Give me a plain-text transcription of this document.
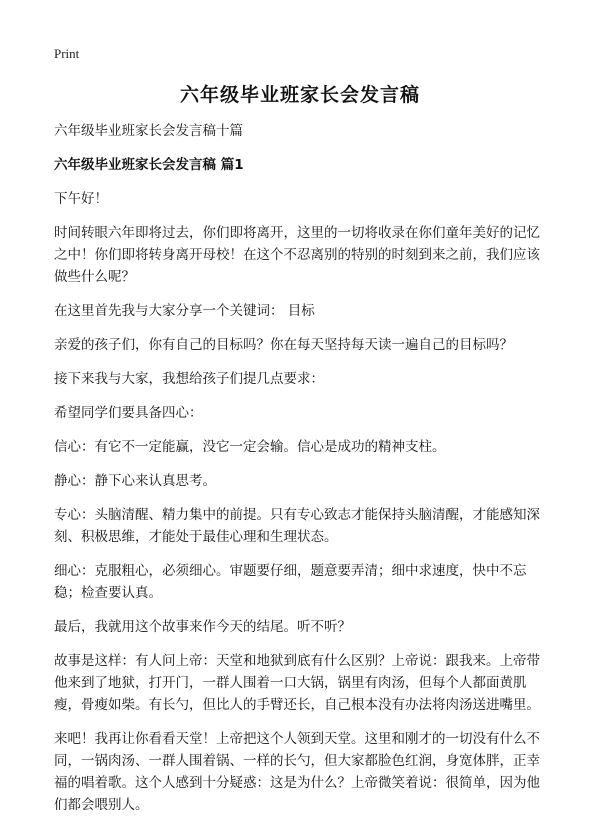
Print
六年级毕业班家长会发言稿

六年级毕业班家长会发言稿十篇

六年级毕业班家长会发言稿 篇1

下午好！

时间转眼六年即将过去，你们即将离开，这里的一切将收录在你们童年美好的记忆之中！你们即将转身离开母校！在这个不忍离别的特别的时刻到来之前，我们应该做些什么呢？

在这里首先我与大家分享一个关键词： 目标

亲爱的孩子们，你有自己的目标吗？你在每天坚持每天读一遍自己的目标吗？

接下来我与大家，我想给孩子们提几点要求：

希望同学们要具备四心：

信心：有它不一定能赢，没它一定会输。信心是成功的精神支柱。

静心：静下心来认真思考。

专心：头脑清醒、精力集中的前提。只有专心致志才能保持头脑清醒，才能感知深刻、积极思维，才能处于最佳心理和生理状态。

细心：克服粗心，必须细心。审题要仔细，题意要弄清；细中求速度，快中不忘稳；检查要认真。

最后，我就用这个故事来作今天的结尾。听不听？

故事是这样：有人问上帝：天堂和地狱到底有什么区别？上帝说：跟我来。上帝带他来到了地狱，打开门，一群人围着一口大锅，锅里有肉汤，但每个人都面黄肌瘦，骨瘦如柴。有长勺，但比人的手臂还长，自己根本没有办法将肉汤送进嘴里。

来吧！我再让你看看天堂！上帝把这个人领到天堂。这里和刚才的一切没有什么不同，一锅肉汤、一群人围着锅、一样的长勺，但大家都脸色红润，身宽体胖，正幸福的唱着歌。这个人感到十分疑惑：这是为什么？上帝微笑着说：很简单，因为他们都会喂别人。
